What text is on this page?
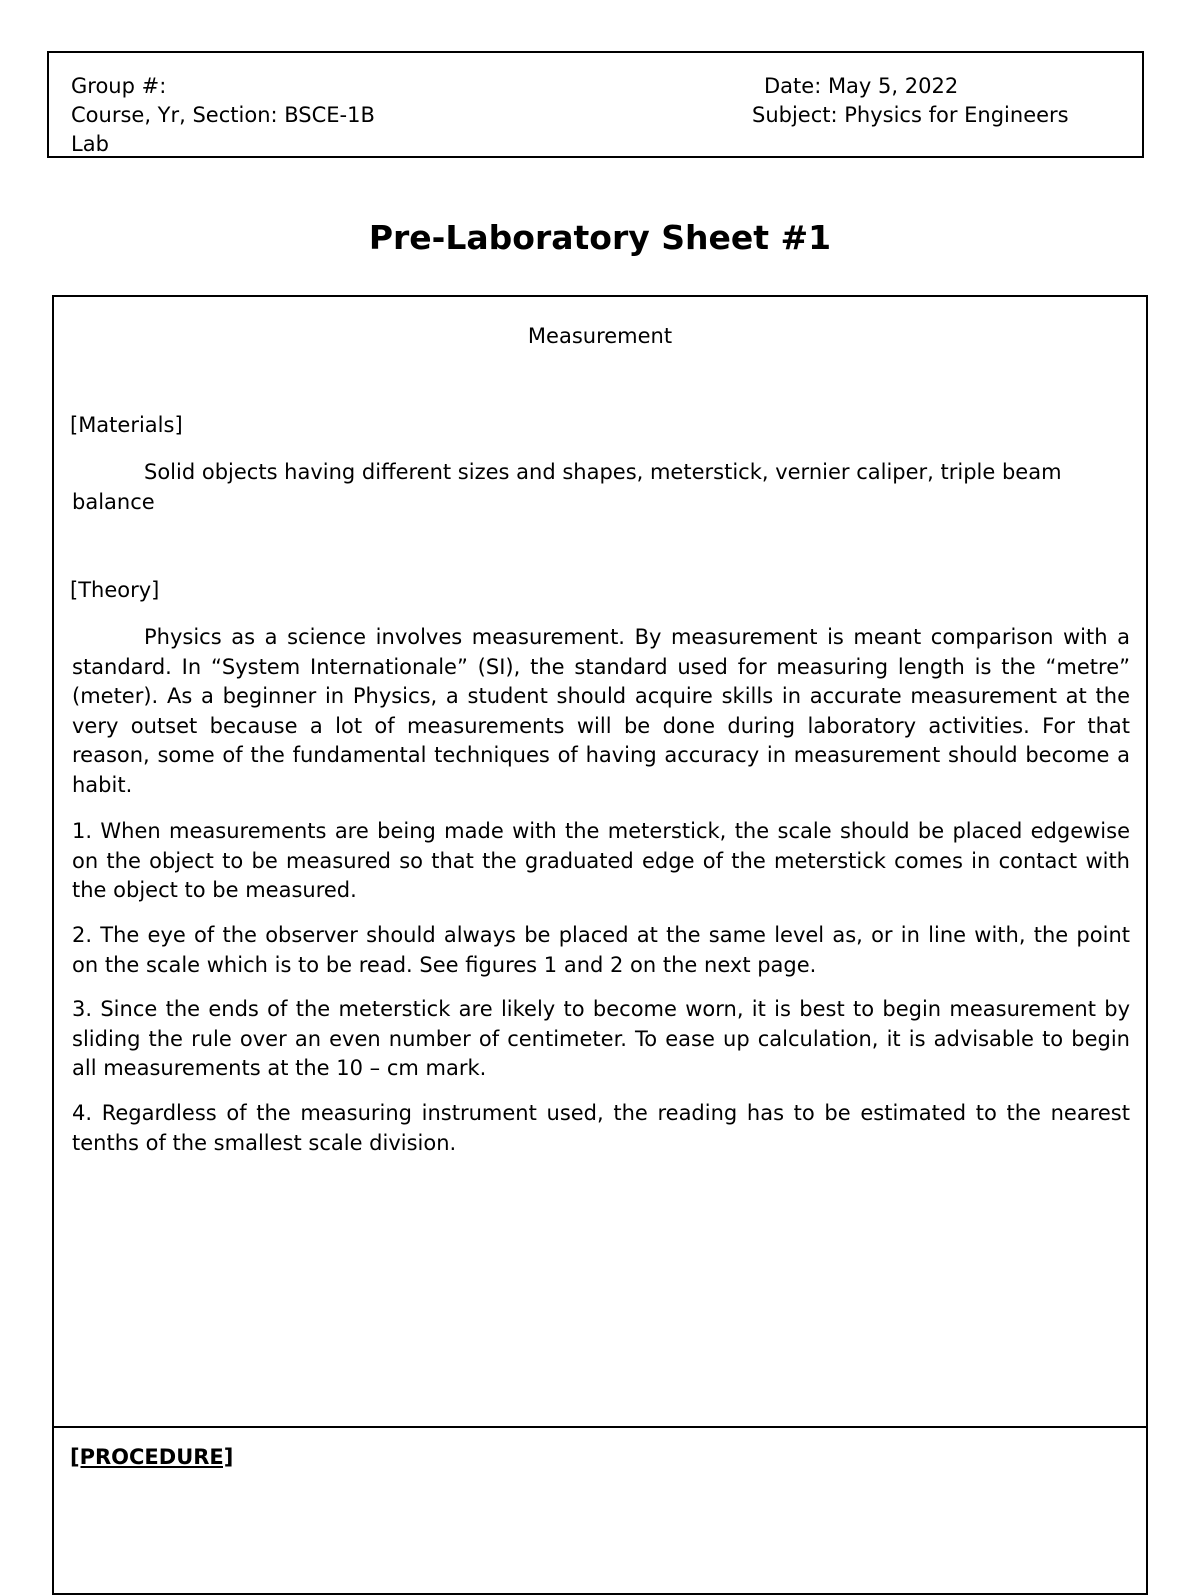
Group #:
Course, Yr, Section: BSCE-1B
Lab
Date: May 5, 2022
Subject: Physics for Engineers
Pre-Laboratory Sheet #1
Measurement
[Materials]

Solid objects having different sizes and shapes, meterstick, vernier caliper, triple beam balance

[Theory]

Physics as a science involves measurement. By measurement is meant comparison with a standard. In “System Internationale” (SI), the standard used for measuring length is the “metre” (meter). As a beginner in Physics, a student should acquire skills in accurate measurement at the very outset because a lot of measurements will be done during laboratory activities. For that reason, some of the fundamental techniques of having accuracy in measurement should become a habit.

1. When measurements are being made with the meterstick, the scale should be placed edgewise on the object to be measured so that the graduated edge of the meterstick comes in contact with the object to be measured.

2. The eye of the observer should always be placed at the same level as, or in line with, the point on the scale which is to be read. See figures 1 and 2 on the next page.

3. Since the ends of the meterstick are likely to become worn, it is best to begin measurement by sliding the rule over an even number of centimeter. To ease up calculation, it is advisable to begin all measurements at the 10 – cm mark.

4. Regardless of the measuring instrument used, the reading has to be estimated to the nearest tenths of the smallest scale division.

[PROCEDURE]
